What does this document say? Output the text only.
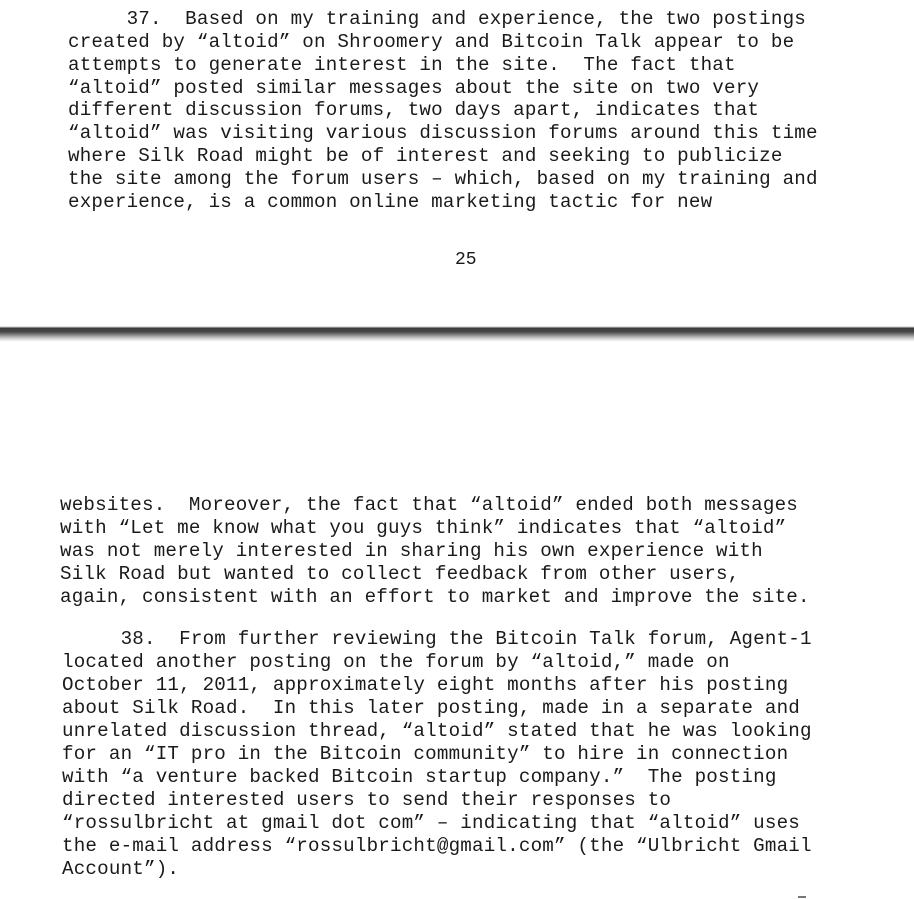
37.  Based on my training and experience, the two postings
created by “altoid” on Shroomery and Bitcoin Talk appear to be
attempts to generate interest in the site.  The fact that
“altoid” posted similar messages about the site on two very
different discussion forums, two days apart, indicates that
“altoid” was visiting various discussion forums around this time
where Silk Road might be of interest and seeking to publicize
the site among the forum users – which, based on my training and
experience, is a common online marketing tactic for new
25
websites.  Moreover, the fact that “altoid” ended both messages
with “Let me know what you guys think” indicates that “altoid”
was not merely interested in sharing his own experience with
Silk Road but wanted to collect feedback from other users,
again, consistent with an effort to market and improve the site.
38.  From further reviewing the Bitcoin Talk forum, Agent-1
located another posting on the forum by “altoid,” made on
October 11, 2011, approximately eight months after his posting
about Silk Road.  In this later posting, made in a separate and
unrelated discussion thread, “altoid” stated that he was looking
for an “IT pro in the Bitcoin community” to hire in connection
with “a venture backed Bitcoin startup company.”  The posting
directed interested users to send their responses to
“rossulbricht at gmail dot com” – indicating that “altoid” uses
the e-mail address “rossulbricht@gmail.com” (the “Ulbricht Gmail
Account”).
